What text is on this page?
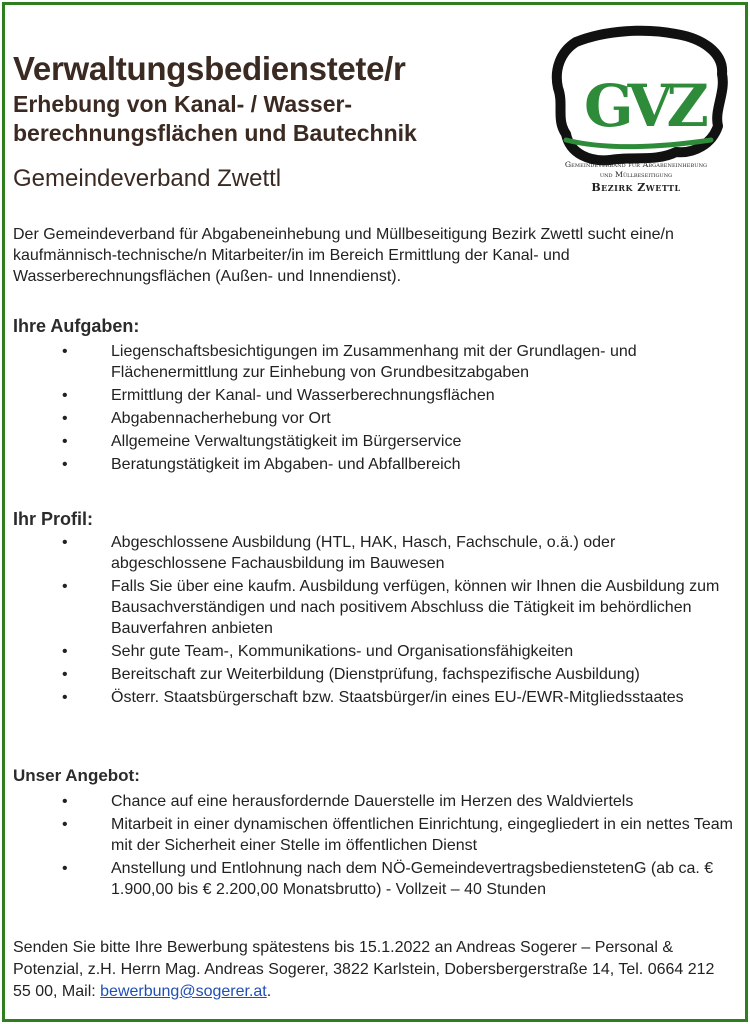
Verwaltungsbedienstete/r
Erhebung von Kanal- / Wasser-berechnungsflächen und Bautechnik
Gemeindeverband Zwettl
GVZ
Gemeindeverband für Abgabeneinhebung
und Müllbeseitigung
Bezirk Zwettl

Der Gemeindeverband für Abgabeneinhebung und Müllbeseitigung Bezirk Zwettl sucht eine/n kaufmännisch-technische/n Mitarbeiter/in im Bereich Ermittlung der Kanal- und Wasserberechnungsflächen (Außen- und Innendienst).

Ihre Aufgaben:
•	Liegenschaftsbesichtigungen im Zusammenhang mit der Grundlagen- und Flächenermittlung zur Einhebung von Grundbesitzabgaben
•	Ermittlung der Kanal- und Wasserberechnungsflächen
•	Abgabennacherhebung vor Ort
•	Allgemeine Verwaltungstätigkeit im Bürgerservice
•	Beratungstätigkeit im Abgaben- und Abfallbereich
Ihr Profil:
•	Abgeschlossene Ausbildung (HTL, HAK, Hasch, Fachschule, o.ä.) oder abgeschlossene Fachausbildung im Bauwesen
•	Falls Sie über eine kaufm. Ausbildung verfügen, können wir Ihnen die Ausbildung zum Bausachverständigen und nach positivem Abschluss die Tätigkeit im behördlichen Bauverfahren anbieten
•	Sehr gute Team-, Kommunikations- und Organisationsfähigkeiten
•	Bereitschaft zur Weiterbildung (Dienstprüfung, fachspezifische Ausbildung)
•	Österr. Staatsbürgerschaft bzw. Staatsbürger/in eines EU-/EWR-Mitgliedsstaates
Unser Angebot:
•	Chance auf eine herausfordernde Dauerstelle im Herzen des Waldviertels
•	Mitarbeit in einer dynamischen öffentlichen Einrichtung, eingegliedert in ein nettes Team mit der Sicherheit einer Stelle im öffentlichen Dienst
•	Anstellung und Entlohnung nach dem NÖ-GemeindevertragsbedienstetenG (ab ca. € 1.900,00 bis € 2.200,00 Monatsbrutto) - Vollzeit – 40 Stunden

Senden Sie bitte Ihre Bewerbung spätestens bis 15.1.2022 an Andreas Sogerer – Personal & Potenzial, z.H. Herrn Mag. Andreas Sogerer, 3822 Karlstein, Dobersbergerstraße 14, Tel. 0664 212 55 00, Mail: bewerbung@sogerer.at.
